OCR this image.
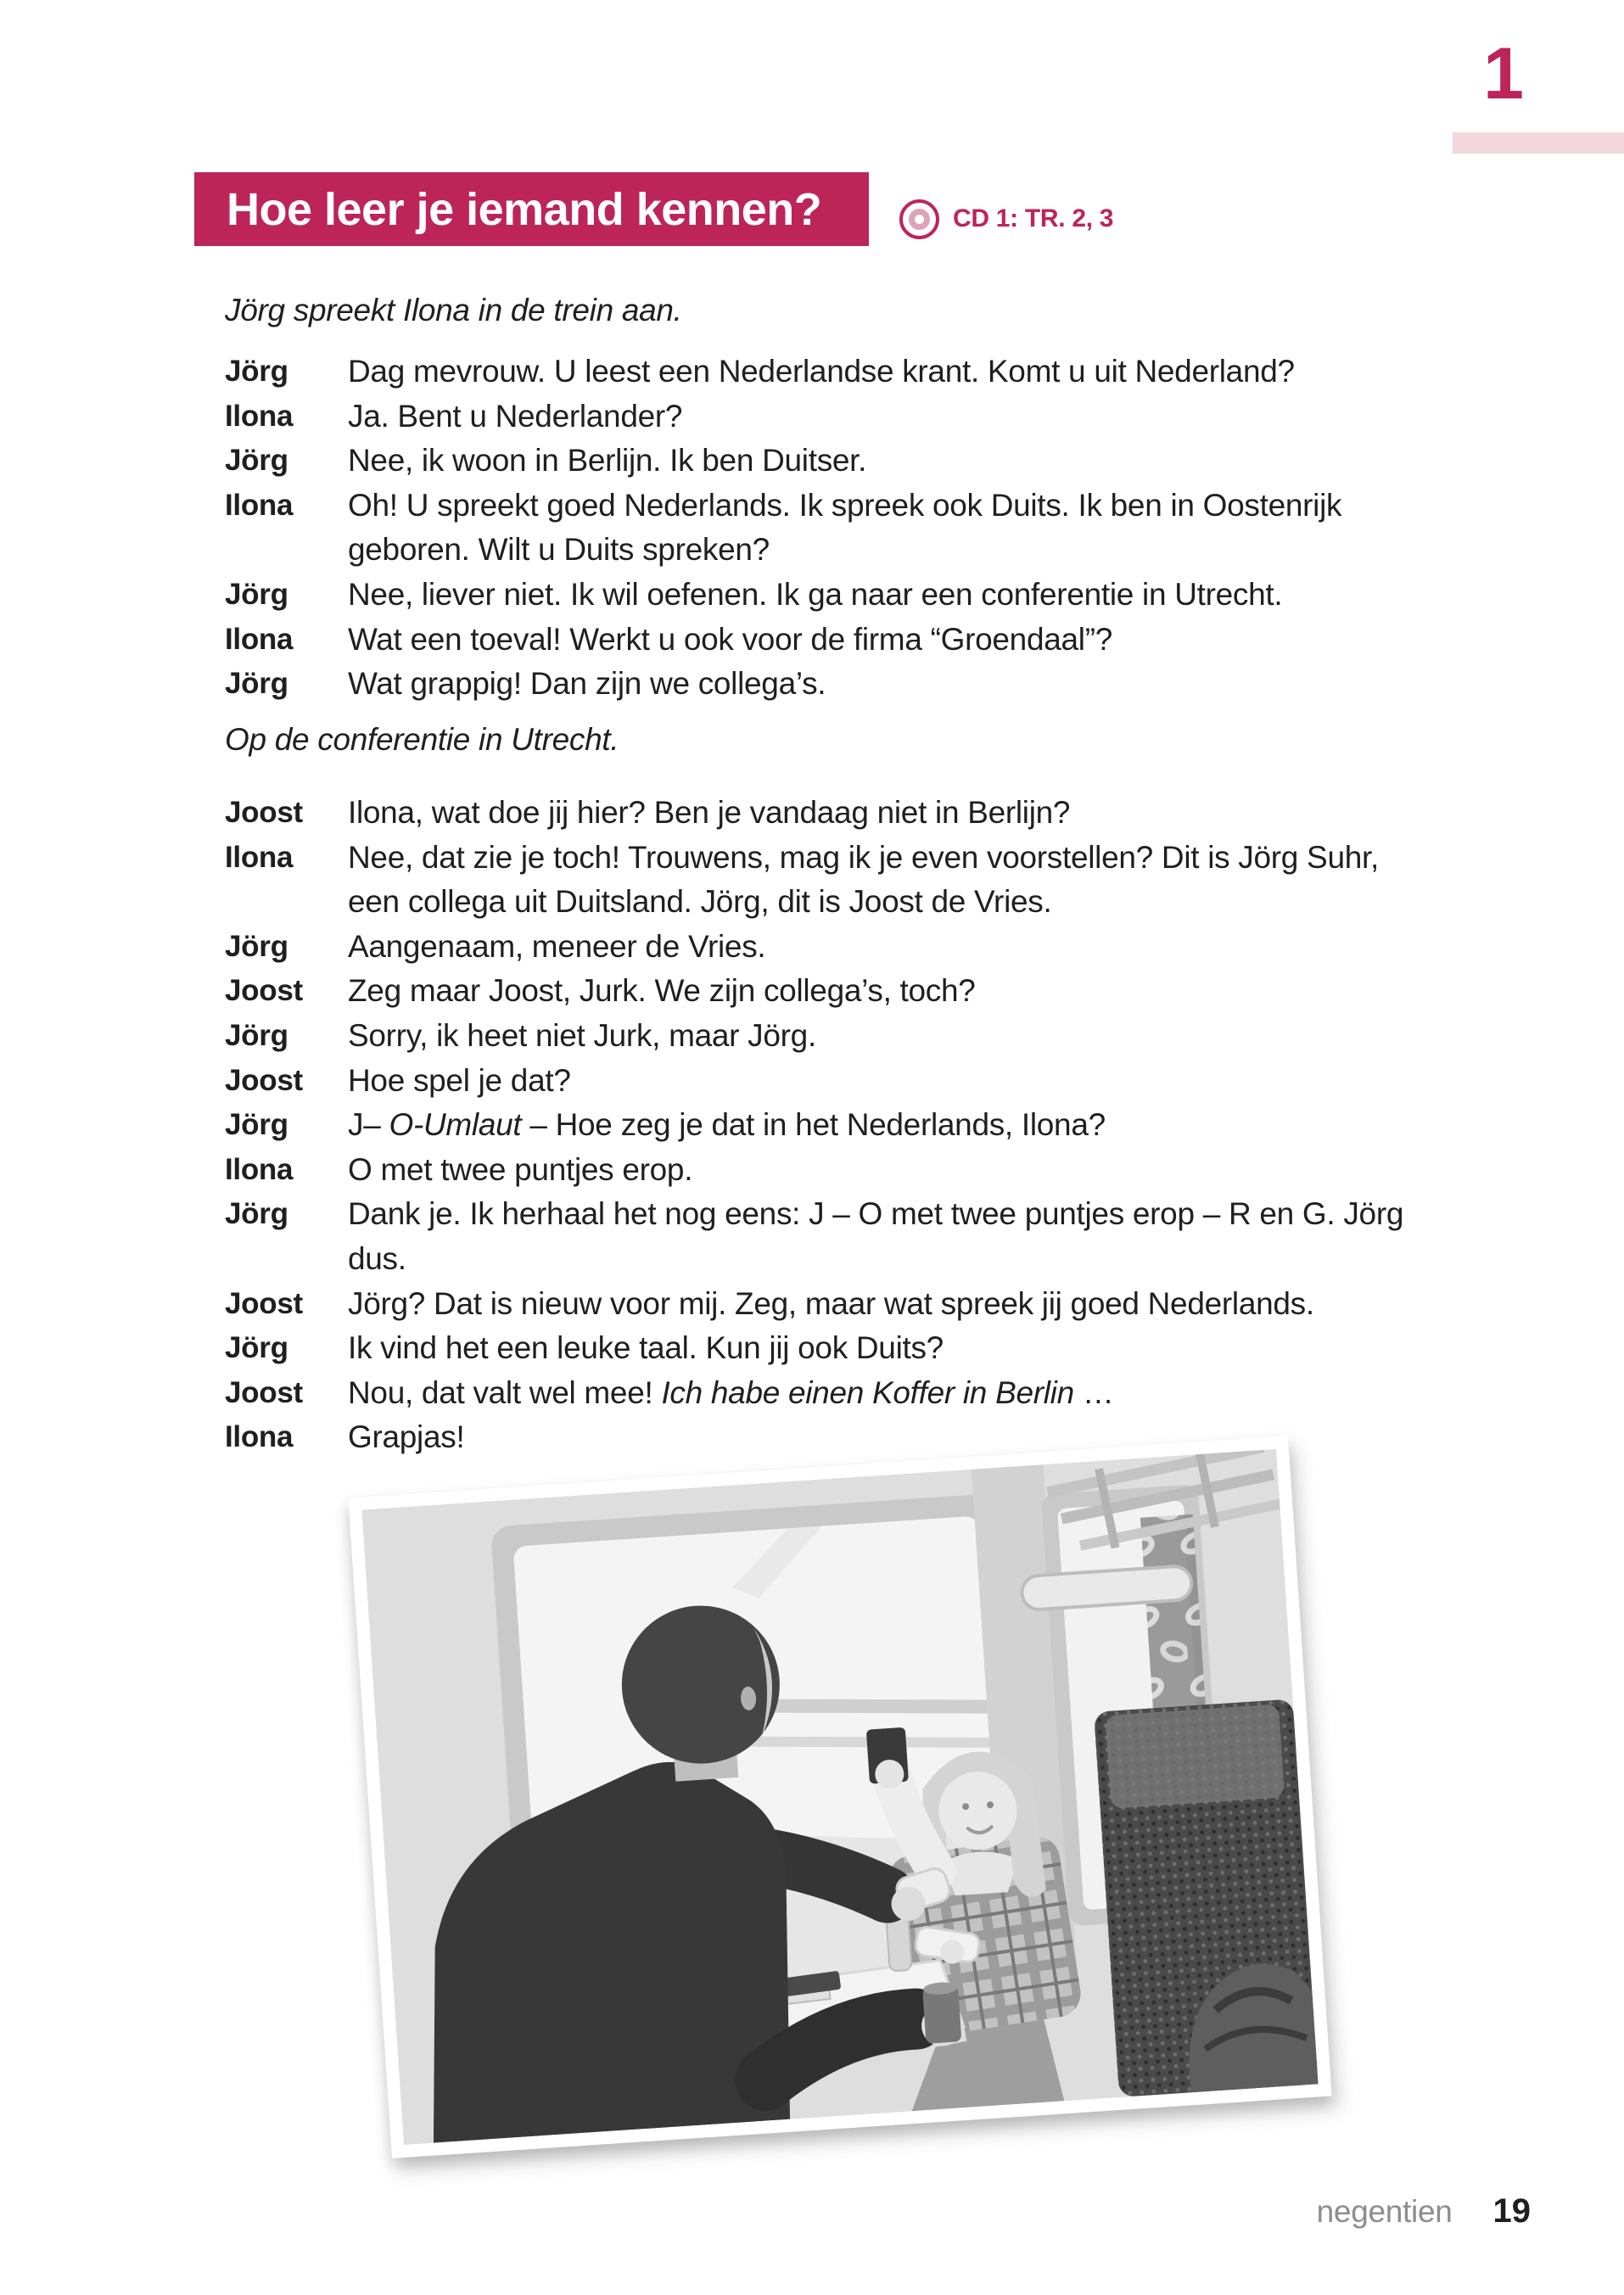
1
Hoe leer je iemand kennen?	CD 1: TR. 2, 3

Jörg spreekt Ilona in de trein aan.

Jörg	Dag mevrouw. U leest een Nederlandse krant. Komt u uit Nederland?
Ilona	Ja. Bent u Nederlander?
Jörg	Nee, ik woon in Berlijn. Ik ben Duitser.
Ilona	Oh! U spreekt goed Nederlands. Ik spreek ook Duits. Ik ben in Oostenrijk
geboren. Wilt u Duits spreken?
Jörg	Nee, liever niet. Ik wil oefenen. Ik ga naar een conferentie in Utrecht.
Ilona	Wat een toeval! Werkt u ook voor de firma “Groendaal”?
Jörg	Wat grappig! Dan zijn we collega’s.

Op de conferentie in Utrecht.

Joost	Ilona, wat doe jij hier? Ben je vandaag niet in Berlijn?
Ilona	Nee, dat zie je toch! Trouwens, mag ik je even voorstellen? Dit is Jörg Suhr,
een collega uit Duitsland. Jörg, dit is Joost de Vries.
Jörg	Aangenaam, meneer de Vries.
Joost	Zeg maar Joost, Jurk. We zijn collega’s, toch?
Jörg	Sorry, ik heet niet Jurk, maar Jörg.
Joost	Hoe spel je dat?
Jörg	J– O-Umlaut – Hoe zeg je dat in het Nederlands, Ilona?
Ilona	O met twee puntjes erop.
Jörg	Dank je. Ik herhaal het nog eens: J – O met twee puntjes erop – R en G. Jörg
dus.
Joost	Jörg? Dat is nieuw voor mij. Zeg, maar wat spreek jij goed Nederlands.
Jörg	Ik vind het een leuke taal. Kun jij ook Duits?
Joost	Nou, dat valt wel mee! Ich habe einen Koffer in Berlin …
Ilona	Grapjas!
negentien 19
